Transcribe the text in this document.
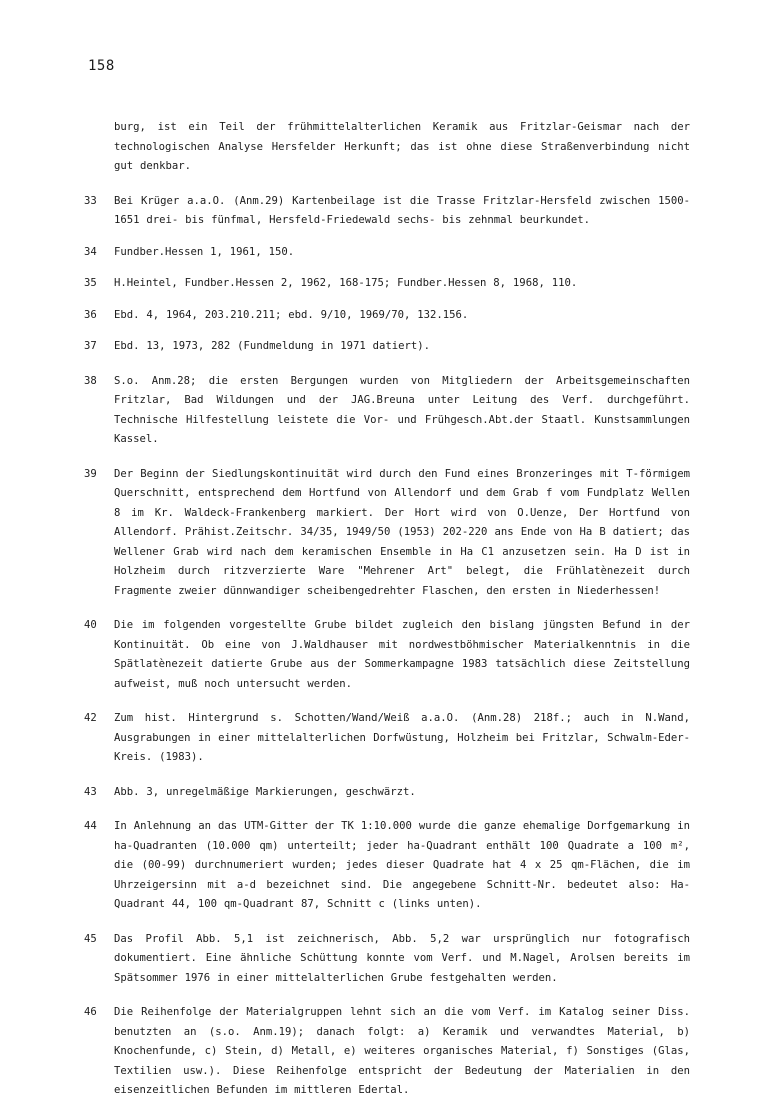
158
burg, ist ein Teil der frühmittelalterlichen Keramik aus Fritzlar-Geismar nach der technologischen Analyse Hersfelder Herkunft; das ist ohne diese Straßenverbindung nicht gut denkbar.
33	Bei Krüger a.a.O. (Anm.29) Kartenbeilage ist die Trasse Fritzlar-Hersfeld zwischen 1500-1651 drei- bis fünfmal, Hersfeld-Friedewald sechs- bis zehnmal beurkundet.
34	Fundber.Hessen 1, 1961, 150.
35	H.Heintel, Fundber.Hessen 2, 1962, 168-175; Fundber.Hessen 8, 1968, 110.
36	Ebd. 4, 1964, 203.210.211; ebd. 9/10, 1969/70, 132.156.
37	Ebd. 13, 1973, 282 (Fundmeldung in 1971 datiert).
38	S.o. Anm.28; die ersten Bergungen wurden von Mitgliedern der Arbeitsgemeinschaften Fritzlar, Bad Wildungen und der JAG.Breuna unter Leitung des Verf. durchgeführt. Technische Hilfestellung leistete die Vor- und Frühgesch.Abt.der Staatl. Kunstsammlungen Kassel.
39	Der Beginn der Siedlungskontinuität wird durch den Fund eines Bronzeringes mit T-förmigem Querschnitt, entsprechend dem Hortfund von Allendorf und dem Grab f vom Fundplatz Wellen 8 im Kr. Waldeck-Frankenberg markiert. Der Hort wird von O.Uenze, Der Hortfund von Allendorf. Prähist.Zeitschr. 34/35, 1949/50 (1953) 202-220 ans Ende von Ha B datiert; das Wellener Grab wird nach dem keramischen Ensemble in Ha C1 anzusetzen sein. Ha D ist in Holzheim durch ritzverzierte Ware "Mehrener Art" belegt, die Frühlatènezeit durch Fragmente zweier dünnwandiger scheibengedrehter Flaschen, den ersten in Niederhessen!
40	Die im folgenden vorgestellte Grube bildet zugleich den bislang jüngsten Befund in der Kontinuität. Ob eine von J.Waldhauser mit nordwestböhmischer Materialkenntnis in die Spätlatènezeit datierte Grube aus der Sommerkampagne 1983 tatsächlich diese Zeitstellung aufweist, muß noch untersucht werden.
42	Zum hist. Hintergrund s. Schotten/Wand/Weiß a.a.O. (Anm.28) 218f.; auch in N.Wand, Ausgrabungen in einer mittelalterlichen Dorfwüstung, Holzheim bei Fritzlar, Schwalm-Eder-Kreis. (1983).
43	Abb. 3, unregelmäßige Markierungen, geschwärzt.
44	In Anlehnung an das UTM-Gitter der TK 1:10.000 wurde die ganze ehemalige Dorfgemarkung in ha-Quadranten (10.000 qm) unterteilt; jeder ha-Quadrant enthält 100 Quadrate a 100 m², die (00-99) durchnumeriert wurden; jedes dieser Quadrate hat 4 x 25 qm-Flächen, die im Uhrzeigersinn mit a-d bezeichnet sind. Die angegebene Schnitt-Nr. bedeutet also: Ha-Quadrant 44, 100 qm-Quadrant 87, Schnitt c (links unten).
45	Das Profil Abb. 5,1 ist zeichnerisch, Abb. 5,2 war ursprünglich nur fotografisch dokumentiert. Eine ähnliche Schüttung konnte vom Verf. und M.Nagel, Arolsen bereits im Spätsommer 1976 in einer mittelalterlichen Grube festgehalten werden.
46	Die Reihenfolge der Materialgruppen lehnt sich an die vom Verf. im Katalog seiner Diss. benutzten an (s.o. Anm.19); danach folgt: a) Keramik und verwandtes Material, b) Knochenfunde, c) Stein, d) Metall, e) weiteres organisches Material, f) Sonstiges (Glas, Textilien usw.). Diese Reihenfolge entspricht der Bedeutung der Materialien in den eisenzeitlichen Befunden im mittleren Edertal.
